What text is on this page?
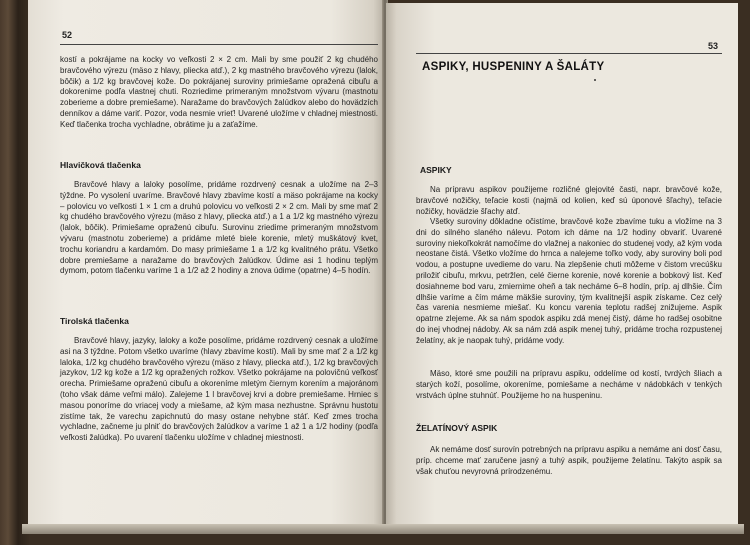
52

kostí a pokrájame na kocky vo veľkosti 2 × 2 cm. Mali by sme použiť 2 kg chudého bravčového výrezu (mäso z hlavy, pliecka atď.), 2 kg mastného bravčového výrezu (lalok, bôčik) a 1/2 kg bravčovej kože. Do pokrájanej suroviny primiešame opražená cibuľu a dokorenime podľa vlastnej chuti. Rozriedime primeraným množstvom vývaru (mastnotu zoberieme a dobre premiešame). Naražame do bravčových žalúdkov alebo do hovädzích denníkov a dáme variť. Pozor, voda nesmie vrieť! Uvarené uložíme v chladnej miestnosti. Keď tlačenka trocha vychladne, obrátime ju a zaťažíme.

Hlavičková tlačenka

Bravčové hlavy a laloky posolíme, pridáme rozdrvený cesnak a uložíme na 2–3 týždne. Po vysolení uvaríme. Bravčové hlavy zbavíme kostí a mäso pokrájame na kocky – polovicu vo veľkosti 1 × 1 cm a druhú polovicu vo veľkosti 2 × 2 cm. Mali by sme mať 2 kg chudého bravčového výrezu (mäso z hlavy, pliecka atď.) a 1 a 1/2 kg mastného výrezu (lalok, bôčik). Primiešame opraženú cibuľu. Surovinu zriedime primeraným množstvom vývaru (mastnotu zoberieme) a pridáme mleté biele korenie, mletý muškátový kvet, trochu koriandru a kardamóm. Do masy primiešame 1 a 1/2 kg kvalitného prátu. Všetko dobre premiešame a naražame do bravčových žalúdkov. Údime asi 1 hodinu teplým dymom, potom tlačenku varíme 1 a 1/2 až 2 hodiny a znova údime (opatrne) 4–5 hodín.

Tirolská tlačenka

Bravčové hlavy, jazyky, laloky a kože posolíme, pridáme rozdrvený cesnak a uložíme asi na 3 týždne. Potom všetko uvaríme (hlavy zbavíme kostí). Mali by sme mať 2 a 1/2 kg laloka, 1/2 kg chudého bravčového výrezu (mäso z hlavy, pliecka atď.), 1/2 kg bravčových jazykov, 1/2 kg kože a 1/2 kg opražených rožkov. Všetko pokrájame na polovičnú veľkosť orecha. Primiešame opraženú cibuľu a okoreníme mletým čiernym korením a majoránom (toho však dáme veľmi málo). Zalejeme 1 l bravčovej krvi a dobre premiešame. Hrniec s masou ponoríme do vriacej vody a miešame, až kým masa nezhustne. Správnu hustotu zistíme tak, že varechu zapichnutú do masy ostane nehybne stáť. Keď zmes trocha vychladne, začneme ju plniť do bravčových žalúdkov a varíme 1 až 1 a 1/2 hodiny (podľa veľkosti žalúdka). Po uvarení tlačenku uložíme v chladnej miestnosti.

53

ASPIKY, HUSPENINY A ŠALÁTY

ASPIKY

Na prípravu aspikov použijeme rozličné glejovité časti, napr. bravčové kože, bravčové nožičky, teľacie kosti (najmä od kolien, keď sú úponové šľachy), teľacie nožičky, hovädzie šľachy atď.

Všetky suroviny dôkladne očistíme, bravčové kože zbavíme tuku a vložíme na 3 dni do silného slaného nálevu. Potom ich dáme na 1/2 hodiny obvariť. Uvarené suroviny niekoľkokrát namočíme do vlažnej a nakoniec do studenej vody, až kým voda neostane čistá. Všetko vložíme do hrnca a nalejeme toľko vody, aby suroviny boli pod vodou, a postupne uvedieme do varu. Na zlepšenie chuti môžeme v čistom vrecúšku priložiť cibuľu, mrkvu, petržlen, celé čierne korenie, nové korenie a bobkový list. Keď dosiahneme bod varu, zmiernime oheň a tak necháme 6–8 hodín, príp. aj dlhšie. Čím dlhšie varíme a čím máme mäkšie suroviny, tým kvalitnejší aspik získame. Cez celý čas varenia nesmieme miešať. Ku koncu varenia teplotu radšej znižujeme. Aspik opatrne zlejeme. Ak sa nám spodok aspiku zdá menej čistý, dáme ho radšej osobitne do inej vhodnej nádoby. Ak sa nám zdá aspik menej tuhý, pridáme trocha rozpustenej želatíny, ak je naopak tuhý, pridáme vody.

Mäso, ktoré sme použili na prípravu aspiku, oddelíme od kostí, tvrdých šliach a starých koží, posolíme, okoreníme, pomiešame a necháme v nádobkách v tenkých vrstvách úplne stuhnúť. Použijeme ho na huspeninu.

ŽELATÍNOVÝ ASPIK

Ak nemáme dosť surovín potrebných na prípravu aspiku a nemáme ani dosť času, príp. chceme mať zaručene jasný a tuhý aspik, použijeme želatínu. Takýto aspik sa však chuťou nevyrovná prírodzenému.
